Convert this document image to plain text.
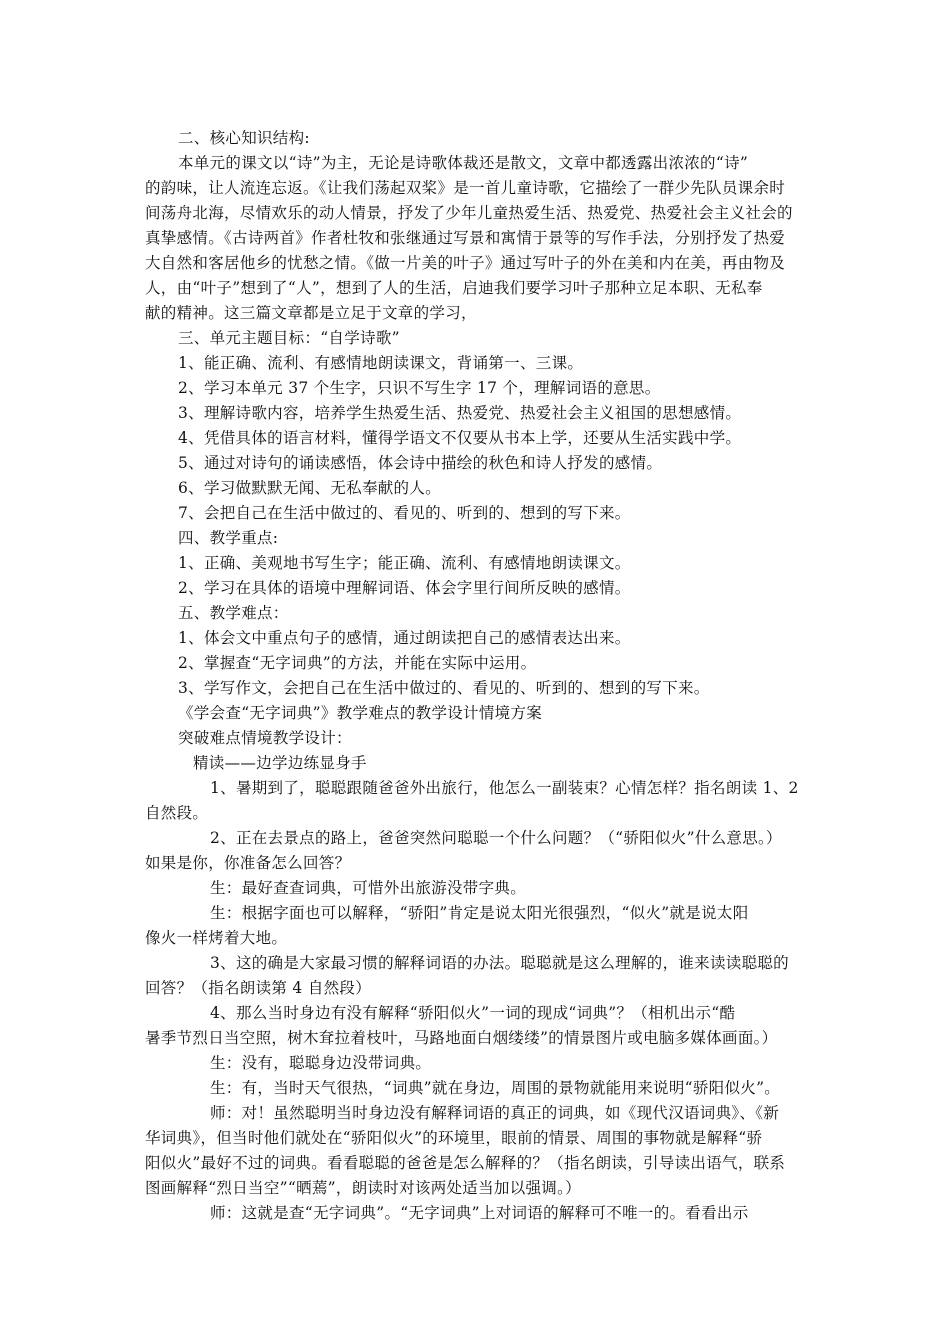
二、核心知识结构:
本单元的课文以“诗”为主，无论是诗歌体裁还是散文，文章中都透露出浓浓的“诗”
的韵味，让人流连忘返。《让我们荡起双桨》是一首儿童诗歌，它描绘了一群少先队员课余时
间荡舟北海，尽情欢乐的动人情景，抒发了少年儿童热爱生活、热爱党、热爱社会主义社会的
真挚感情。《古诗两首》作者杜牧和张继通过写景和寓情于景等的写作手法，分别抒发了热爱
大自然和客居他乡的忧愁之情。《做一片美的叶子》通过写叶子的外在美和内在美，再由物及
人，由“叶子”想到了“人”，想到了人的生活，启迪我们要学习叶子那种立足本职、无私奉
献的精神。这三篇文章都是立足于文章的学习，
三、单元主题目标：“自学诗歌”
1、能正确、流利、有感情地朗读课文，背诵第一、三课。
2、学习本单元 37 个生字，只识不写生字 17 个，理解词语的意思。
3、理解诗歌内容，培养学生热爱生活、热爱党、热爱社会主义祖国的思想感情。
4、凭借具体的语言材料，懂得学语文不仅要从书本上学，还要从生活实践中学。
5、通过对诗句的诵读感悟，体会诗中描绘的秋色和诗人抒发的感情。
6、学习做默默无闻、无私奉献的人。
7、会把自己在生活中做过的、看见的、听到的、想到的写下来。
四、教学重点:
1、正确、美观地书写生字；能正确、流利、有感情地朗读课文。
2、学习在具体的语境中理解词语、体会字里行间所反映的感情。
五、教学难点：
1、体会文中重点句子的感情，通过朗读把自己的感情表达出来。
2、掌握查“无字词典”的方法，并能在实际中运用。
3、学写作文，会把自己在生活中做过的、看见的、听到的、想到的写下来。
《学会查“无字词典”》教学难点的教学设计情境方案
突破难点情境教学设计：
精读——边学边练显身手
1、暑期到了，聪聪跟随爸爸外出旅行，他怎么一副装束？心情怎样？指名朗读 1、2
自然段。
2、正在去景点的路上，爸爸突然问聪聪一个什么问题？（“骄阳似火”什么意思。）
如果是你，你准备怎么回答？
生：最好查查词典，可惜外出旅游没带字典。
生：根据字面也可以解释，“骄阳”肯定是说太阳光很强烈，“似火”就是说太阳
像火一样烤着大地。
3、这的确是大家最习惯的解释词语的办法。聪聪就是这么理解的，谁来读读聪聪的
回答？（指名朗读第 4 自然段）
4、那么当时身边有没有解释“骄阳似火”一词的现成“词典”？（相机出示“酷
暑季节烈日当空照，树木耷拉着枝叶，马路地面白烟缕缕”的情景图片或电脑多媒体画面。）
生：没有，聪聪身边没带词典。
生：有，当时天气很热，“词典”就在身边，周围的景物就能用来说明“骄阳似火”。
师：对！虽然聪明当时身边没有解释词语的真正的词典，如《现代汉语词典》、《新
华词典》，但当时他们就处在“骄阳似火”的环境里，眼前的情景、周围的事物就是解释“骄
阳似火”最好不过的词典。看看聪聪的爸爸是怎么解释的？（指名朗读，引导读出语气，联系
图画解释“烈日当空”“晒蔫”，朗读时对该两处适当加以强调。）
师：这就是查“无字词典”。“无字词典”上对词语的解释可不唯一的。看看出示
